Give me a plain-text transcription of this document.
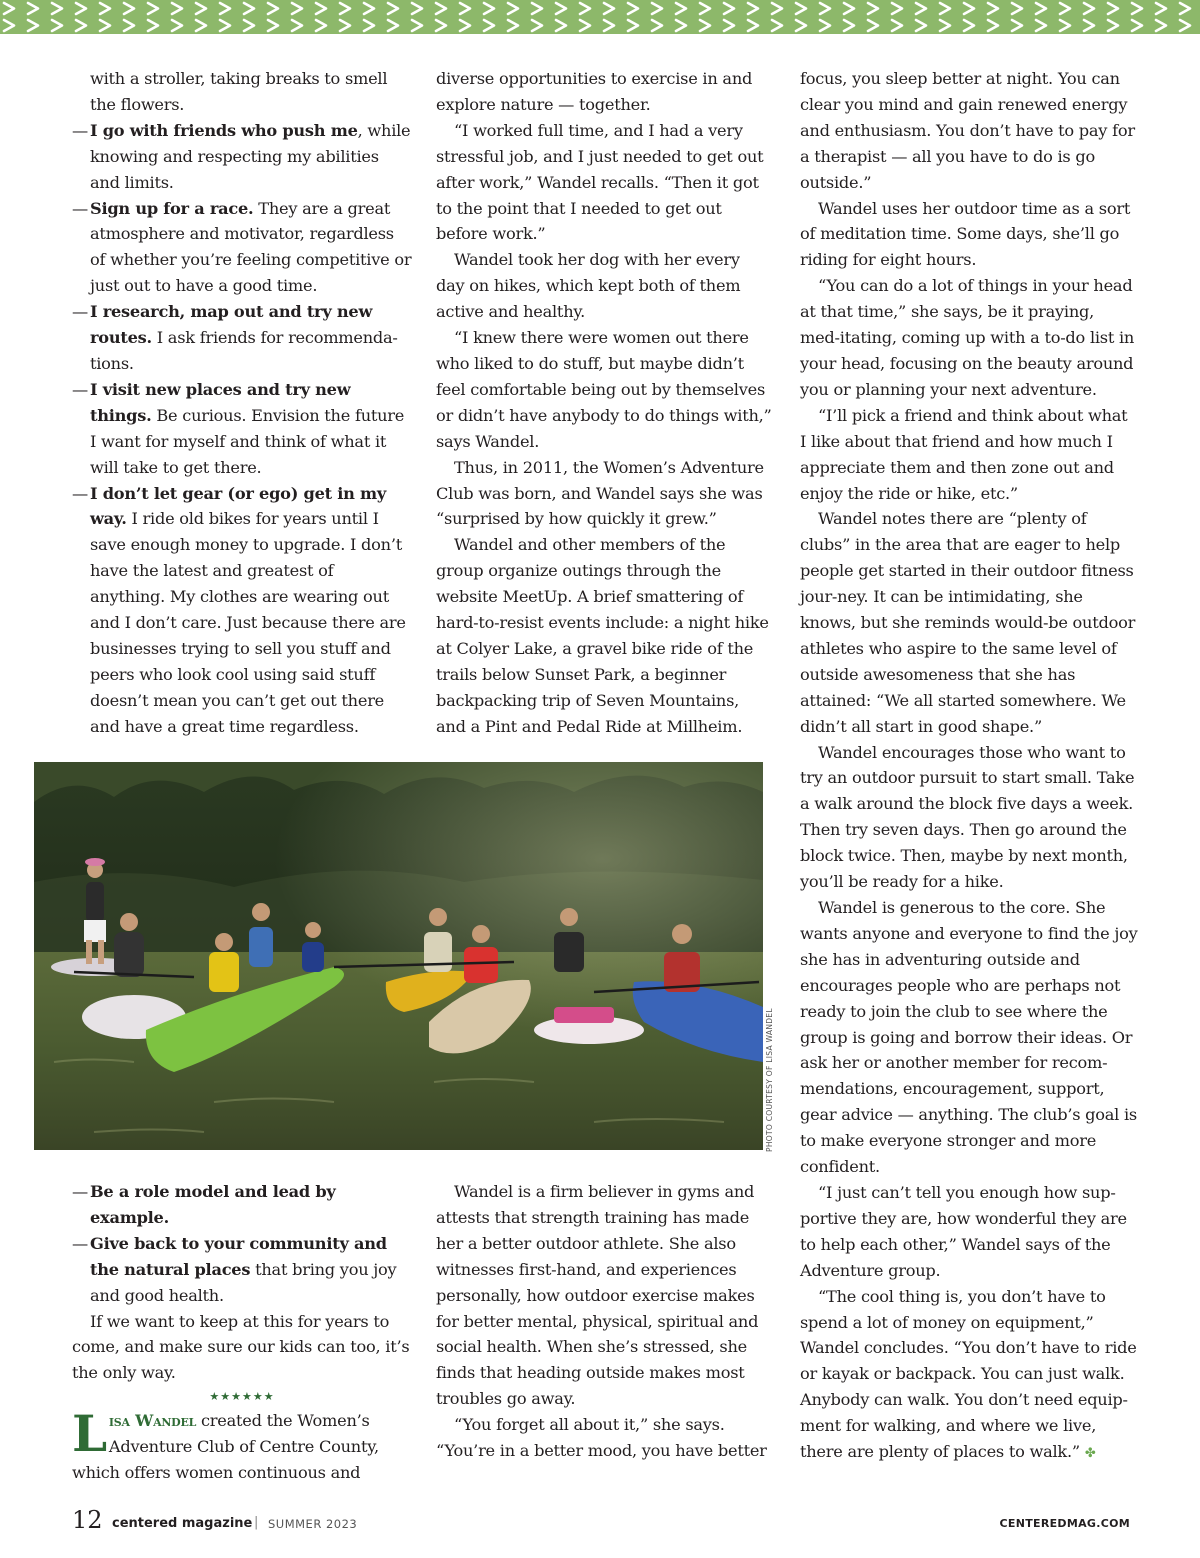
with a stroller, taking breaks to smell the flowers.

— I go with friends who push me, while knowing and respecting my abilities and limits.

— Sign up for a race. They are a great atmosphere and motivator, regardless of whether you’re feeling competitive or just out to have a good time.

— I research, map out and try new routes. I ask friends for recommenda-tions.

— I visit new places and try new things. Be curious. Envision the future I want for myself and think of what it will take to get there.

— I don’t let gear (or ego) get in my way. I ride old bikes for years until I save enough money to upgrade. I don’t have the latest and greatest of anything. My clothes are wearing out and I don’t care. Just because there are businesses trying to sell you stuff and peers who look cool using said stuff doesn’t mean you can’t get out there and have a great time regardless.

diverse opportunities to exercise in and explore nature — together.

“I worked full time, and I had a very stressful job, and I just needed to get out after work,” Wandel recalls. “Then it got to the point that I needed to get out before work.”

Wandel took her dog with her every day on hikes, which kept both of them active and healthy.

“I knew there were women out there who liked to do stuff, but maybe didn’t feel comfortable being out by themselves or didn’t have anybody to do things with,” says Wandel.

Thus, in 2011, the Women’s Adventure Club was born, and Wandel says she was “surprised by how quickly it grew.”

Wandel and other members of the group organize outings through the website MeetUp. A brief smattering of hard-to-resist events include: a night hike at Colyer Lake, a gravel bike ride of the trails below Sunset Park, a beginner backpacking trip of Seven Mountains, and a Pint and Pedal Ride at Millheim.

focus, you sleep better at night. You can clear you mind and gain renewed energy and enthusiasm. You don’t have to pay for a therapist — all you have to do is go outside.”

Wandel uses her outdoor time as a sort of meditation time. Some days, she’ll go riding for eight hours.

“You can do a lot of things in your head at that time,” she says, be it praying, med-itating, coming up with a to-do list in your head, focusing on the beauty around you or planning your next adventure.

“I’ll pick a friend and think about what I like about that friend and how much I appreciate them and then zone out and enjoy the ride or hike, etc.”

Wandel notes there are “plenty of clubs” in the area that are eager to help people get started in their outdoor fitness jour-ney. It can be intimidating, she knows, but she reminds would-be outdoor athletes who aspire to the same level of outside awesomeness that she has attained: “We all started somewhere. We didn’t all start in good shape.”

Wandel encourages those who want to try an outdoor pursuit to start small. Take a walk around the block five days a week. Then try seven days. Then go around the block twice. Then, maybe by next month, you’ll be ready for a hike.

Wandel is generous to the core. She wants anyone and everyone to find the joy she has in adventuring outside and encourages people who are perhaps not ready to join the club to see where the group is going and borrow their ideas. Or ask her or another member for recom-mendations, encouragement, support, gear advice — anything. The club’s goal is to make everyone stronger and more confident.

“I just can’t tell you enough how sup-portive they are, how wonderful they are to help each other,” Wandel says of the Adventure group.

“The cool thing is, you don’t have to spend a lot of money on equipment,” Wandel concludes. “You don’t have to ride or kayak or backpack. You can just walk. Anybody can walk. You don’t need equip-ment for walking, and where we live, there are plenty of places to walk.” ✤

PHOTO COURTESY OF LISA WANDEL

— Be a role model and lead by example.

— Give back to your community and the natural places that bring you joy and good health.

If we want to keep at this for years to come, and make sure our kids can too, it’s the only way.

★★★★★★

Lisa Wandel created the Women’s Adventure Club of Centre County, which offers women continuous and

Wandel is a firm believer in gyms and attests that strength training has made her a better outdoor athlete. She also witnesses first-hand, and experiences personally, how outdoor exercise makes for better mental, physical, spiritual and social health. When she’s stressed, she finds that heading outside makes most troubles go away.

“You forget all about it,” she says. “You’re in a better mood, you have better

12 centered magazine | SUMMER 2023	CENTEREDMAG.COM
